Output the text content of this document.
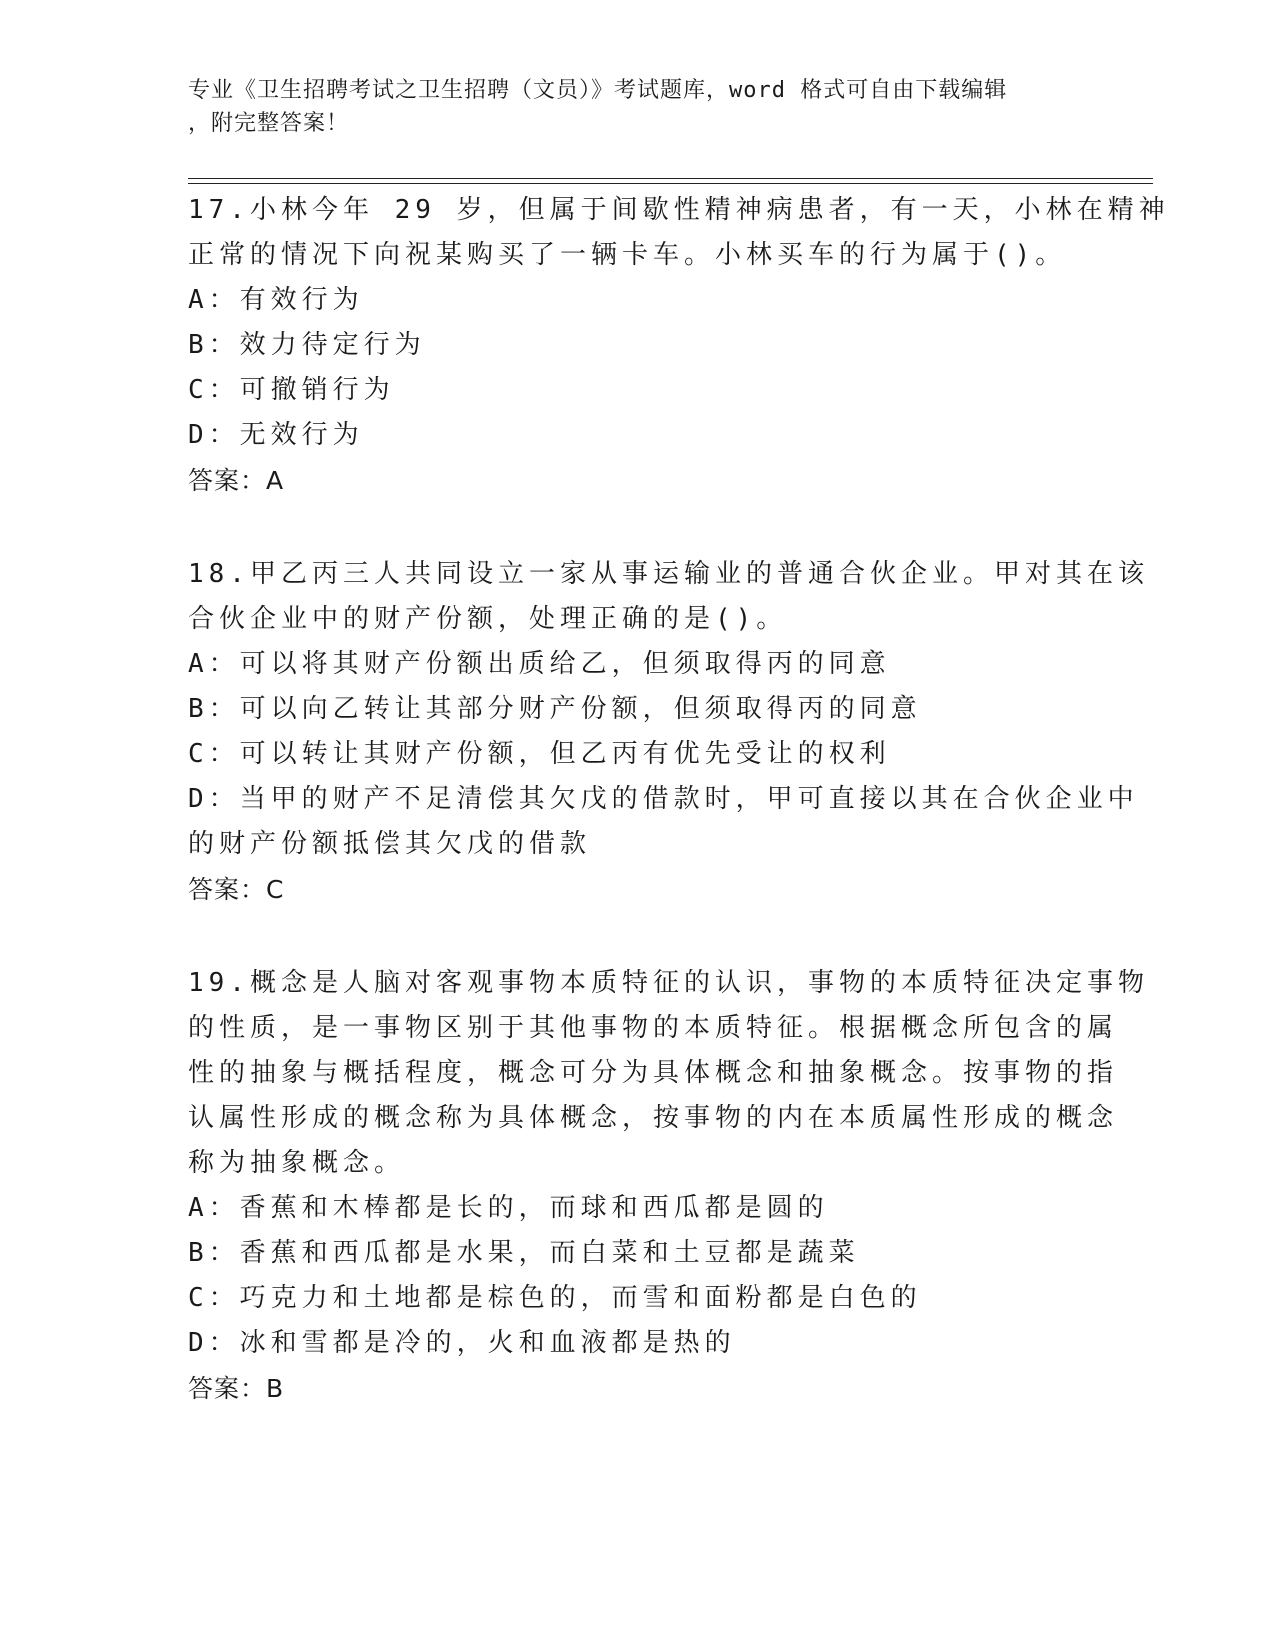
专业《卫生招聘考试之卫生招聘（文员）》考试题库，word 格式可自由下载编辑
，附完整答案！
17.小林今年 29 岁，但属于间歇性精神病患者，有一天，小林在精神
正常的情况下向祝某购买了一辆卡车。小林买车的行为属于()。
A：有效行为
B：效力待定行为
C：可撤销行为
D：无效行为
答案：A
18.甲乙丙三人共同设立一家从事运输业的普通合伙企业。甲对其在该
合伙企业中的财产份额，处理正确的是()。
A：可以将其财产份额出质给乙，但须取得丙的同意
B：可以向乙转让其部分财产份额，但须取得丙的同意
C：可以转让其财产份额，但乙丙有优先受让的权利
D：当甲的财产不足清偿其欠戊的借款时，甲可直接以其在合伙企业中
的财产份额抵偿其欠戊的借款
答案：C
19.概念是人脑对客观事物本质特征的认识，事物的本质特征决定事物
的性质，是一事物区别于其他事物的本质特征。根据概念所包含的属
性的抽象与概括程度，概念可分为具体概念和抽象概念。按事物的指
认属性形成的概念称为具体概念，按事物的内在本质属性形成的概念
称为抽象概念。
A：香蕉和木棒都是长的，而球和西瓜都是圆的
B：香蕉和西瓜都是水果，而白菜和土豆都是蔬菜
C：巧克力和土地都是棕色的，而雪和面粉都是白色的
D：冰和雪都是冷的，火和血液都是热的
答案：B
